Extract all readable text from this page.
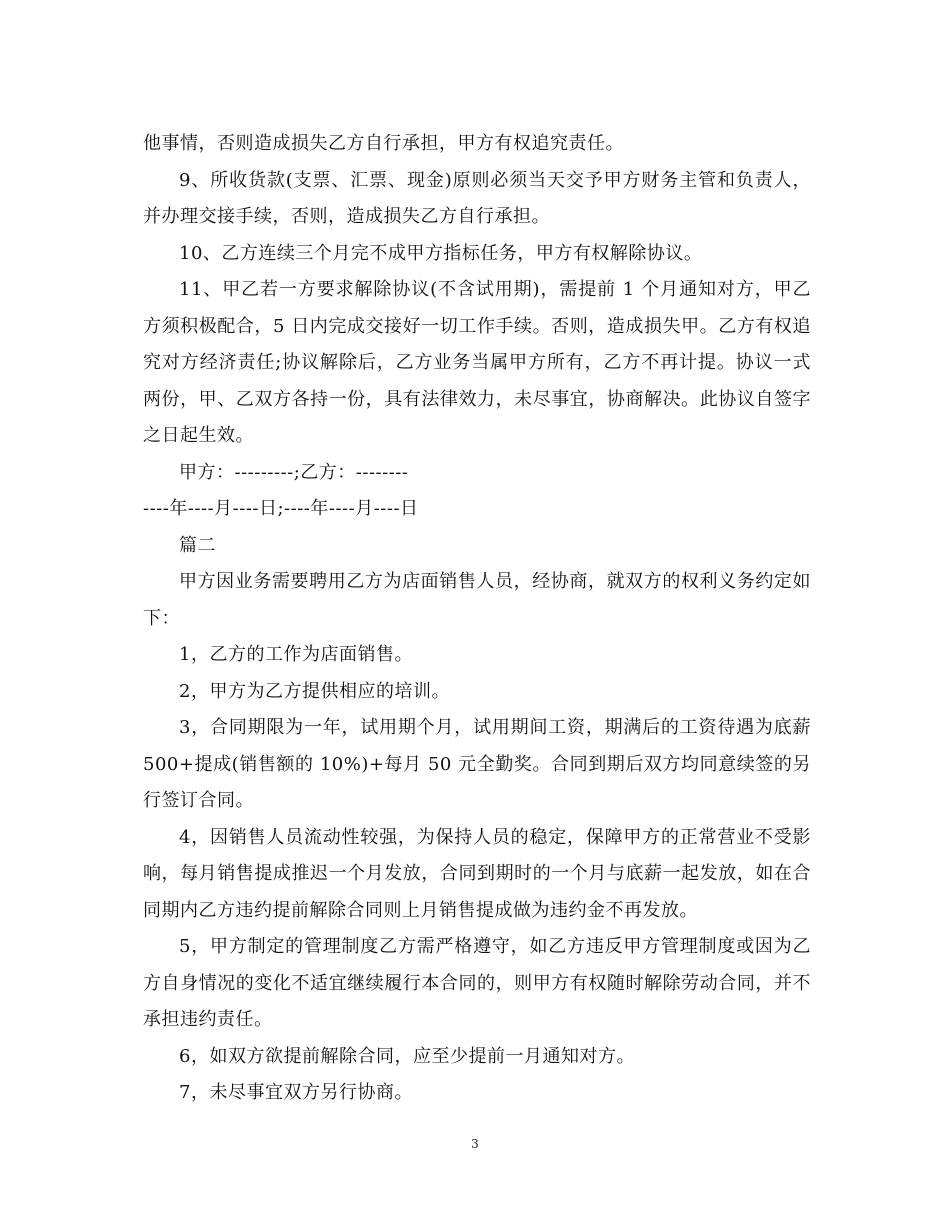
他事情，否则造成损失乙方自行承担，甲方有权追究责任。

9、所收货款(支票、汇票、现金)原则必须当天交予甲方财务主管和负责人，并办理交接手续，否则，造成损失乙方自行承担。

10、乙方连续三个月完不成甲方指标任务，甲方有权解除协议。

11、甲乙若一方要求解除协议(不含试用期)，需提前 1 个月通知对方，甲乙方须积极配合，5 日内完成交接好一切工作手续。否则，造成损失甲。乙方有权追究对方经济责任;协议解除后，乙方业务当属甲方所有，乙方不再计提。协议一式两份，甲、乙双方各持一份，具有法律效力，未尽事宜，协商解决。此协议自签字之日起生效。

甲方：---------;乙方：--------

----年----月----日;----年----月----日

篇二

甲方因业务需要聘用乙方为店面销售人员，经协商，就双方的权利义务约定如下：

1，乙方的工作为店面销售。

2，甲方为乙方提供相应的培训。

3，合同期限为一年，试用期个月，试用期间工资，期满后的工资待遇为底薪 500+提成(销售额的 10%)+每月 50 元全勤奖。合同到期后双方均同意续签的另行签订合同。

4，因销售人员流动性较强，为保持人员的稳定，保障甲方的正常营业不受影响，每月销售提成推迟一个月发放，合同到期时的一个月与底薪一起发放，如在合同期内乙方违约提前解除合同则上月销售提成做为违约金不再发放。

5，甲方制定的管理制度乙方需严格遵守，如乙方违反甲方管理制度或因为乙方自身情况的变化不适宜继续履行本合同的，则甲方有权随时解除劳动合同，并不承担违约责任。

6，如双方欲提前解除合同，应至少提前一月通知对方。

7，未尽事宜双方另行协商。

3
